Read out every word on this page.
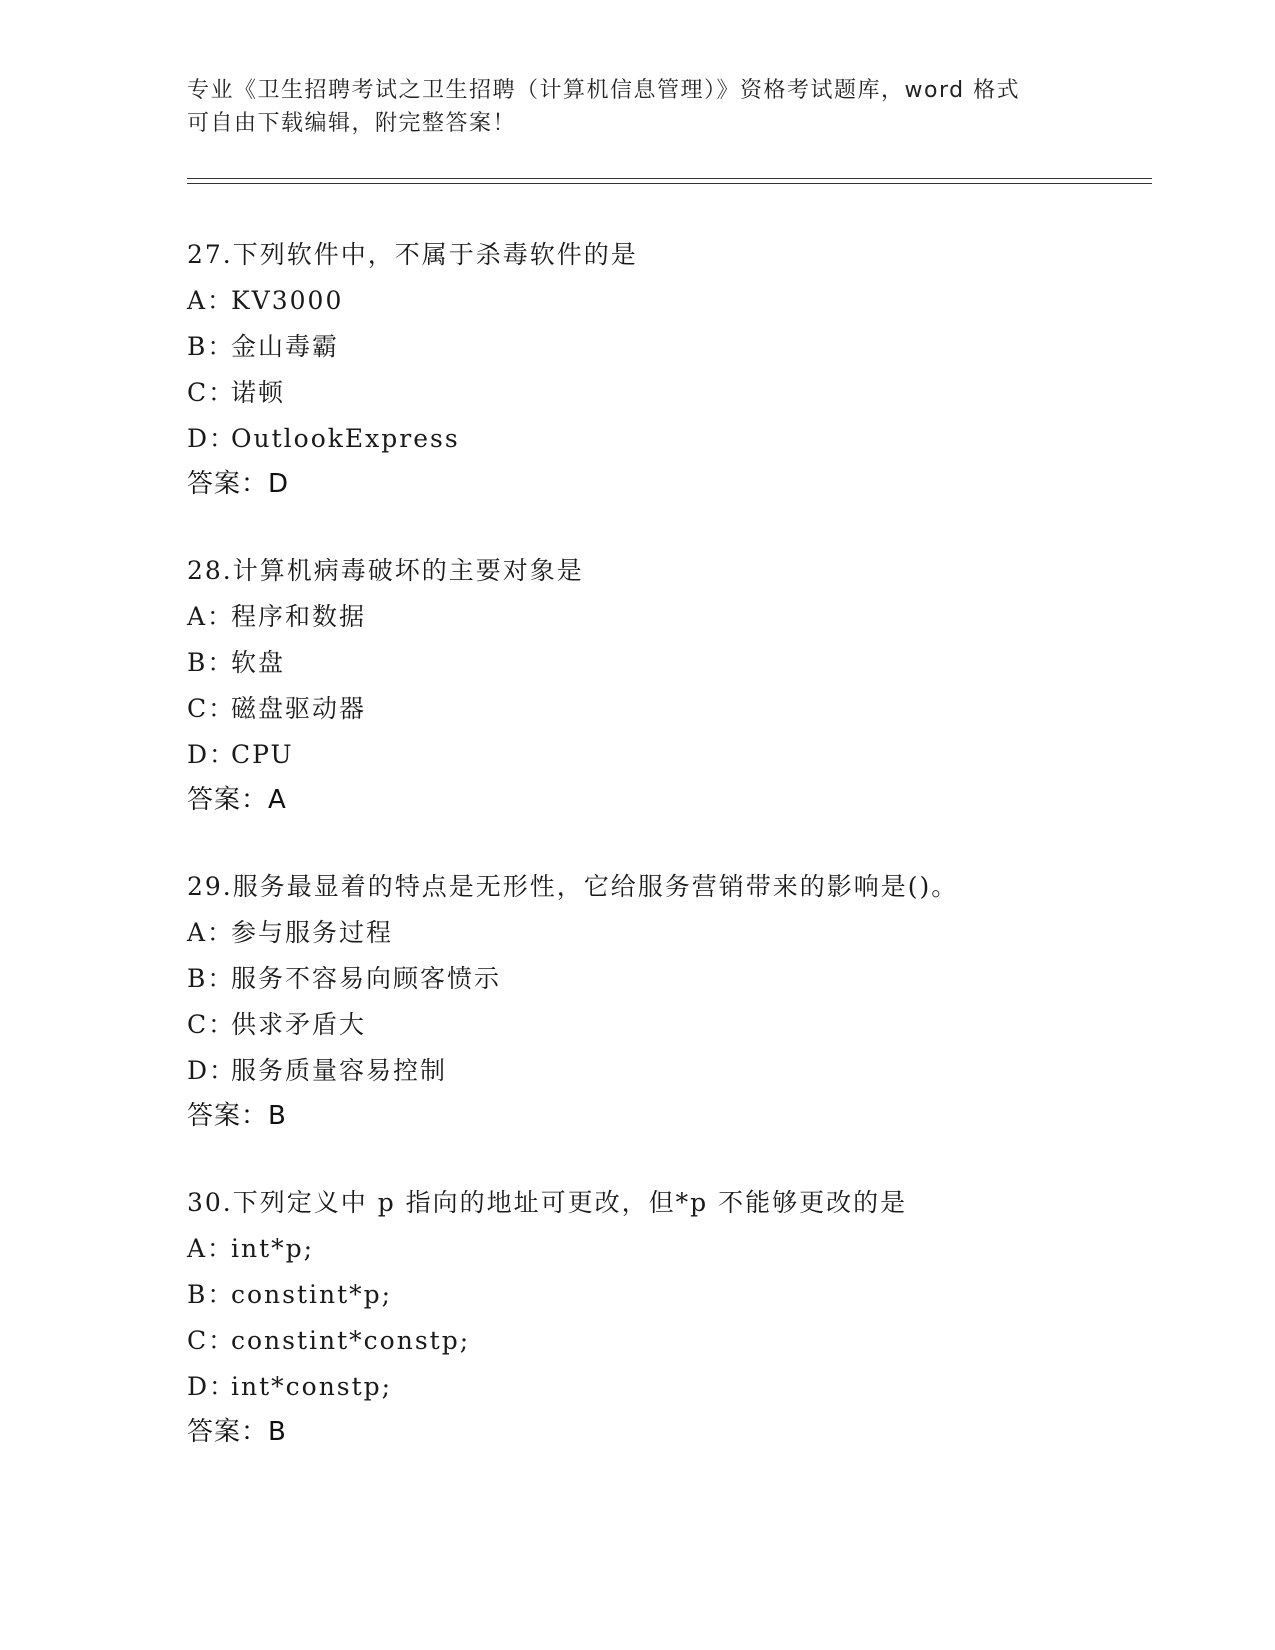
专业《卫生招聘考试之卫生招聘（计算机信息管理）》资格考试题库，word 格式
可自由下载编辑，附完整答案！
27.下列软件中，不属于杀毒软件的是
A：KV3000
B：金山毒霸
C：诺顿
D：OutlookExpress
答案：D
28.计算机病毒破坏的主要对象是
A：程序和数据
B：软盘
C：磁盘驱动器
D：CPU
答案：A
29.服务最显着的特点是无形性，它给服务营销带来的影响是()。
A：参与服务过程
B：服务不容易向顾客愤示
C：供求矛盾大
D：服务质量容易控制
答案：B
30.下列定义中 p 指向的地址可更改，但*p 不能够更改的是
A：int*p;
B：constint*p;
C：constint*constp;
D：int*constp;
答案：B
